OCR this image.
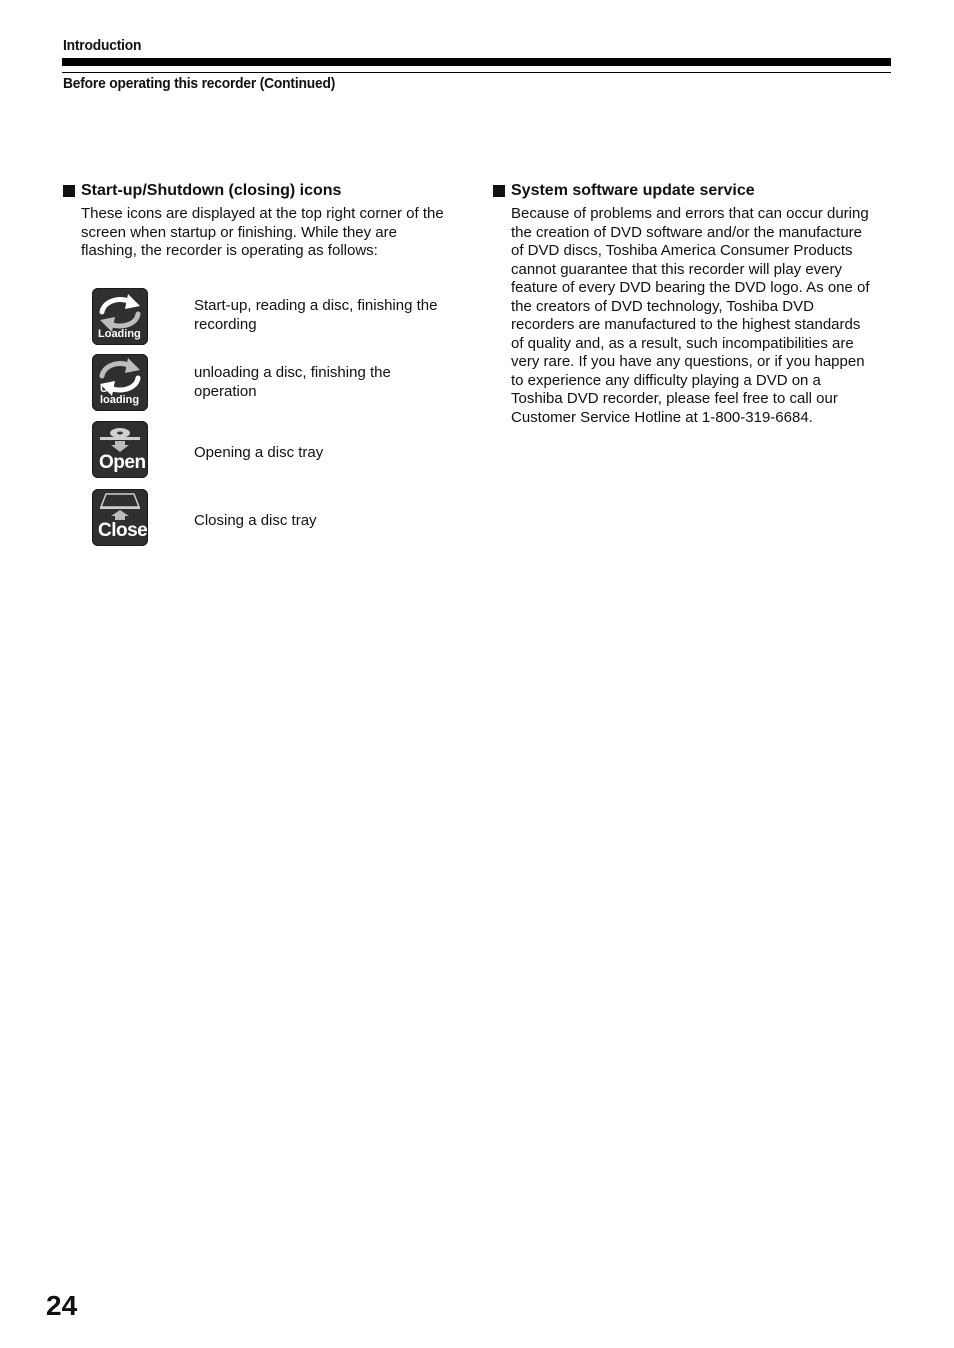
Introduction
Before operating this recorder (Continued)
Start-up/Shutdown (closing) icons
These icons are displayed at the top right corner of the
screen when startup or finishing. While they are
flashing, the recorder is operating as follows:
Loading
Start-up, reading a disc, finishing the
recording
Un
loading
unloading a disc, finishing the
operation
Open	Opening a disc tray
Close	Closing a disc tray
System software update service
Because of problems and errors that can occur during
the creation of DVD software and/or the manufacture
of DVD discs, Toshiba America Consumer Products
cannot guarantee that this recorder will play every
feature of every DVD bearing the DVD logo. As one of
the creators of DVD technology, Toshiba DVD
recorders are manufactured to the highest standards
of quality and, as a result, such incompatibilities are
very rare. If you have any questions, or if you happen
to experience any difficulty playing a DVD on a
Toshiba DVD recorder, please feel free to call our
Customer Service Hotline at 1-800-319-6684.
24
